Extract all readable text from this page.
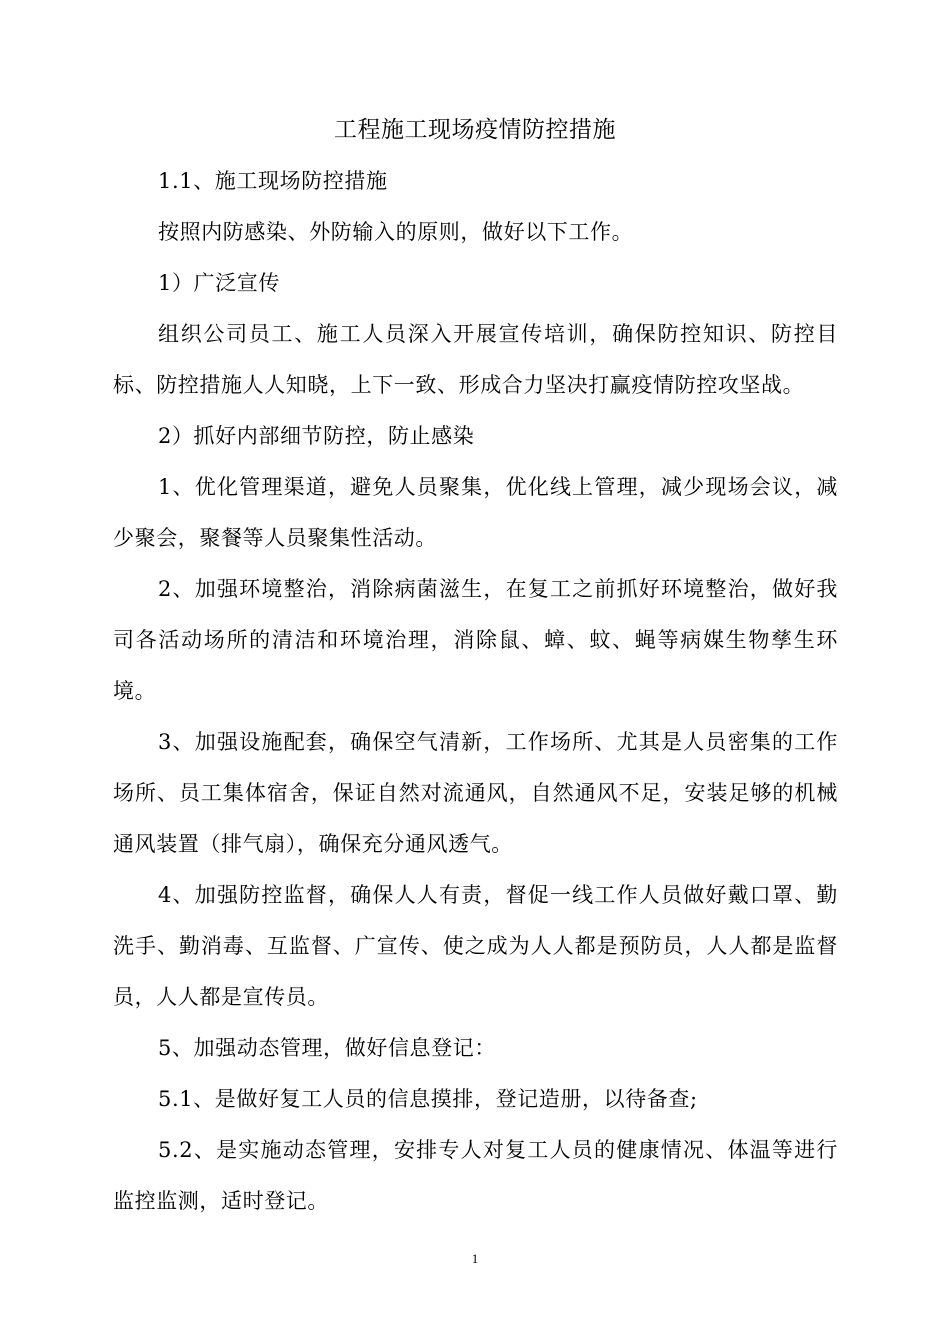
工程施工现场疫情防控措施

1.1、施工现场防控措施

按照内防感染、外防输入的原则，做好以下工作。

1）广泛宣传

组织公司员工、施工人员深入开展宣传培训，确保防控知识、防控目标、防控措施人人知晓，上下一致、形成合力坚决打赢疫情防控攻坚战。

2）抓好内部细节防控，防止感染

1、优化管理渠道，避免人员聚集，优化线上管理，减少现场会议，减少聚会，聚餐等人员聚集性活动。

2、加强环境整治，消除病菌滋生，在复工之前抓好环境整治，做好我司各活动场所的清洁和环境治理，消除鼠、蟑、蚊、蝇等病媒生物孳生环境。

3、加强设施配套，确保空气清新，工作场所、尤其是人员密集的工作场所、员工集体宿舍，保证自然对流通风，自然通风不足，安装足够的机械通风装置（排气扇），确保充分通风透气。

4、加强防控监督，确保人人有责，督促一线工作人员做好戴口罩、勤洗手、勤消毒、互监督、广宣传、使之成为人人都是预防员，人人都是监督员，人人都是宣传员。

5、加强动态管理，做好信息登记：

5.1、是做好复工人员的信息摸排，登记造册，以待备查;

5.2、是实施动态管理，安排专人对复工人员的健康情况、体温等进行监控监测，适时登记。

1
